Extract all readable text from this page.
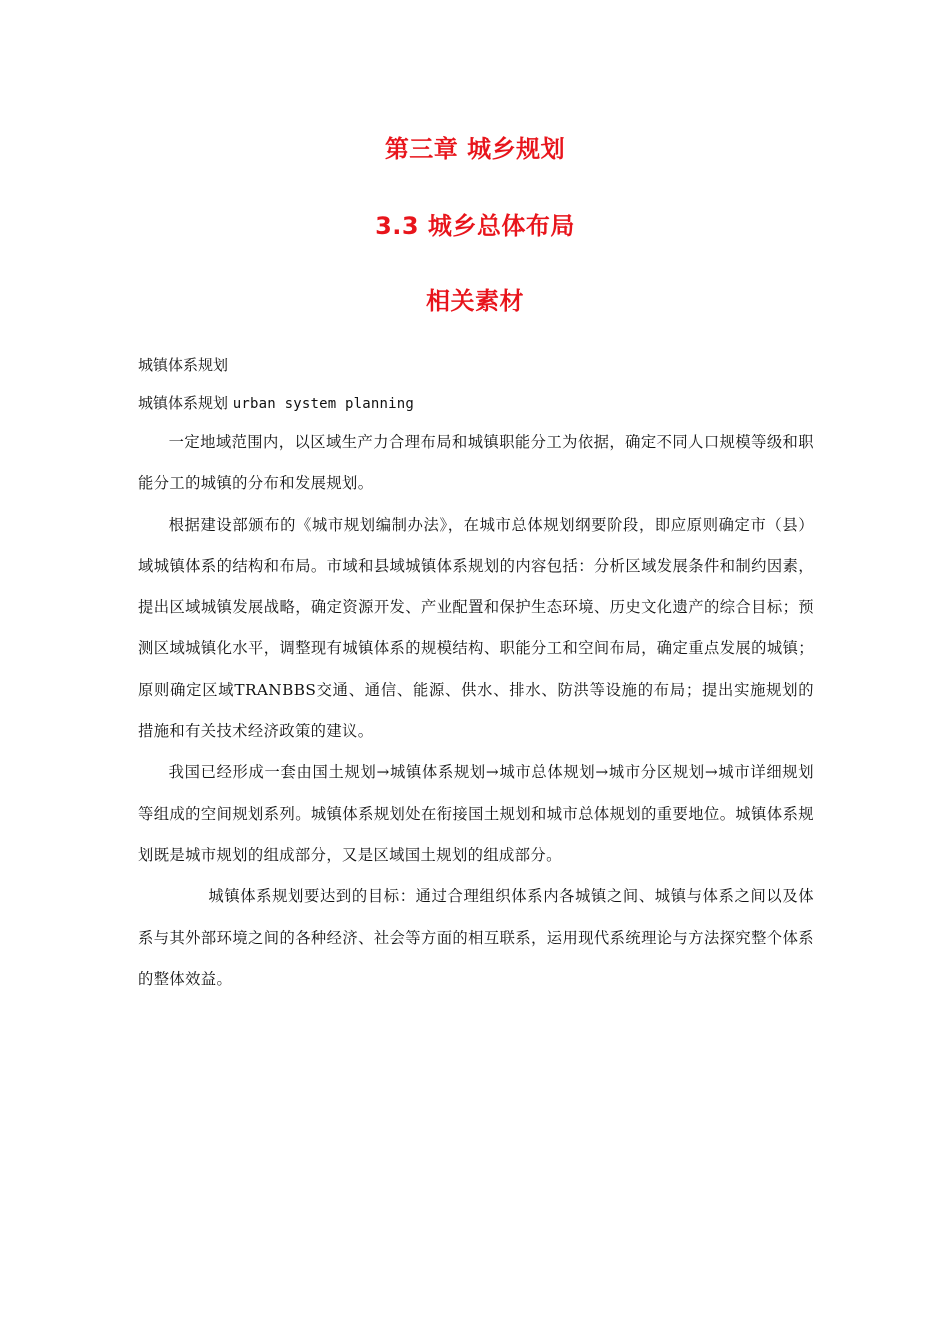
第三章 城乡规划
3.3 城乡总体布局
相关素材

城镇体系规划

城镇体系规划 urban system planning

一定地域范围内，以区域生产力合理布局和城镇职能分工为依据，确定不同人口规模等级和职能分工的城镇的分布和发展规划。

根据建设部颁布的《城市规划编制办法》，在城市总体规划纲要阶段，即应原则确定市（县）域城镇体系的结构和布局。市域和县域城镇体系规划的内容包括：分析区域发展条件和制约因素，提出区域城镇发展战略，确定资源开发、产业配置和保护生态环境、历史文化遗产的综合目标；预测区域城镇化水平，调整现有城镇体系的规模结构、职能分工和空间布局，确定重点发展的城镇；原则确定区域TRANBBS交通、通信、能源、供水、排水、防洪等设施的布局；提出实施规划的措施和有关技术经济政策的建议。

我国已经形成一套由国土规划→城镇体系规划→城市总体规划→城市分区规划→城市详细规划等组成的空间规划系列。城镇体系规划处在衔接国土规划和城市总体规划的重要地位。城镇体系规划既是城市规划的组成部分，又是区域国土规划的组成部分。

城镇体系规划要达到的目标：通过合理组织体系内各城镇之间、城镇与体系之间以及体系与其外部环境之间的各种经济、社会等方面的相互联系，运用现代系统理论与方法探究整个体系的整体效益。
